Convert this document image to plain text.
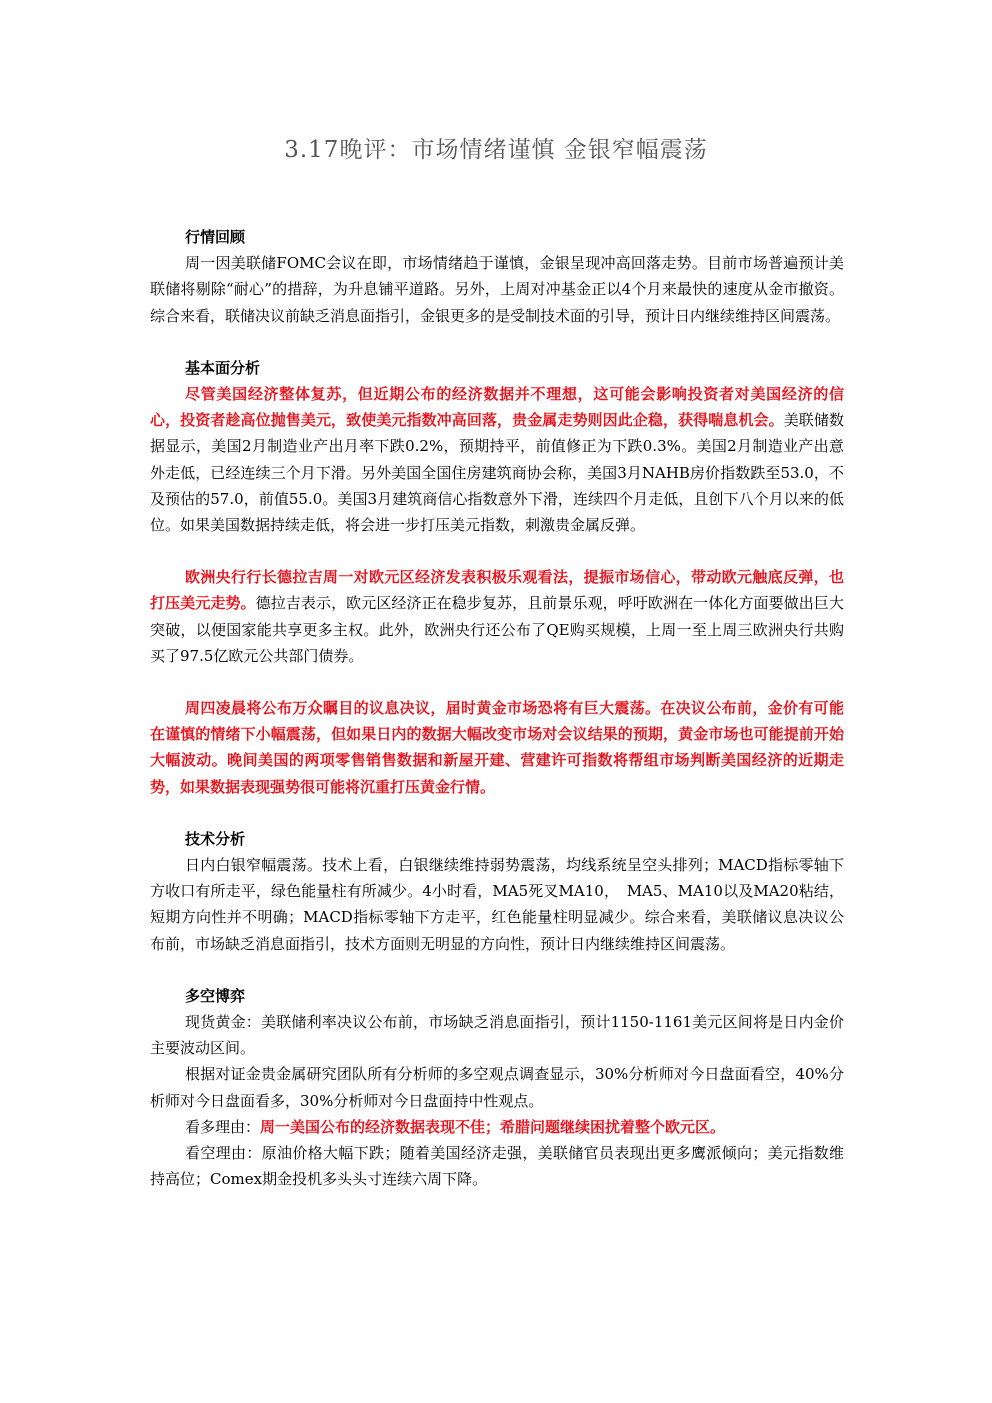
3.17晚评：市场情绪谨慎 金银窄幅震荡

行情回顾

周一因美联储FOMC会议在即，市场情绪趋于谨慎，金银呈现冲高回落走势。目前市场普遍预计美联储将剔除“耐心”的措辞，为升息铺平道路。另外，上周对冲基金正以4个月来最快的速度从金市撤资。综合来看，联储决议前缺乏消息面指引，金银更多的是受制技术面的引导，预计日内继续维持区间震荡。

基本面分析

尽管美国经济整体复苏，但近期公布的经济数据并不理想，这可能会影响投资者对美国经济的信心，投资者趁高位抛售美元，致使美元指数冲高回落，贵金属走势则因此企稳，获得喘息机会。美联储数据显示，美国2月制造业产出月率下跌0.2%，预期持平，前值修正为下跌0.3%。美国2月制造业产出意外走低，已经连续三个月下滑。另外美国全国住房建筑商协会称，美国3月NAHB房价指数跌至53.0，不及预估的57.0，前值55.0。美国3月建筑商信心指数意外下滑，连续四个月走低，且创下八个月以来的低位。如果美国数据持续走低，将会进一步打压美元指数，刺激贵金属反弹。

欧洲央行行长德拉吉周一对欧元区经济发表积极乐观看法，提振市场信心，带动欧元触底反弹，也打压美元走势。德拉吉表示，欧元区经济正在稳步复苏，且前景乐观，呼吁欧洲在一体化方面要做出巨大突破，以便国家能共享更多主权。此外，欧洲央行还公布了QE购买规模，上周一至上周三欧洲央行共购买了97.5亿欧元公共部门债券。

周四凌晨将公布万众瞩目的议息决议，届时黄金市场恐将有巨大震荡。在决议公布前，金价有可能在谨慎的情绪下小幅震荡，但如果日内的数据大幅改变市场对会议结果的预期，黄金市场也可能提前开始大幅波动。晚间美国的两项零售销售数据和新屋开建、营建许可指数将帮组市场判断美国经济的近期走势，如果数据表现强势很可能将沉重打压黄金行情。

技术分析

日内白银窄幅震荡。技术上看，白银继续维持弱势震荡，均线系统呈空头排列；MACD指标零轴下方收口有所走平，绿色能量柱有所减少。4小时看，MA5死叉MA10，　MA5、MA10以及MA20粘结，短期方向性并不明确；MACD指标零轴下方走平，红色能量柱明显减少。综合来看，美联储议息决议公布前，市场缺乏消息面指引，技术方面则无明显的方向性，预计日内继续维持区间震荡。

多空博弈

现货黄金：美联储利率决议公布前，市场缺乏消息面指引，预计1150-1161美元区间将是日内金价主要波动区间。

根据对证金贵金属研究团队所有分析师的多空观点调查显示，30%分析师对今日盘面看空，40%分析师对今日盘面看多，30%分析师对今日盘面持中性观点。

看多理由：周一美国公布的经济数据表现不佳；希腊问题继续困扰着整个欧元区。

看空理由：原油价格大幅下跌；随着美国经济走强，美联储官员表现出更多鹰派倾向；美元指数维持高位；Comex期金投机多头头寸连续六周下降。
